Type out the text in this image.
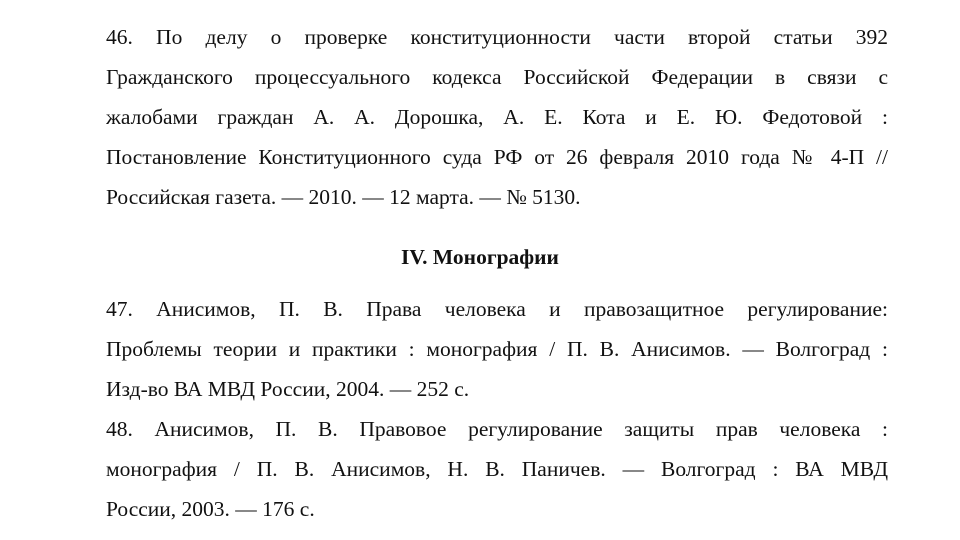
46. По делу о проверке конституционности части второй статьи 392
Гражданского процессуального кодекса Российской Федерации в связи с
жалобами граждан А. А. Дорошка, А. Е. Кота и Е. Ю. Федотовой :
Постановление Конституционного суда РФ от 26 февраля 2010 года № 4-П //
Российская газета. — 2010. — 12 марта. — № 5130.
IV. Монографии
47. Анисимов, П. В. Права человека и правозащитное регулирование:
Проблемы теории и практики : монография / П. В. Анисимов. — Волгоград :
Изд-во ВА МВД России, 2004. — 252 с.
48. Анисимов, П. В. Правовое регулирование защиты прав человека :
монография / П. В. Анисимов, Н. В. Паничев. — Волгоград : ВА МВД
России, 2003. — 176 с.
